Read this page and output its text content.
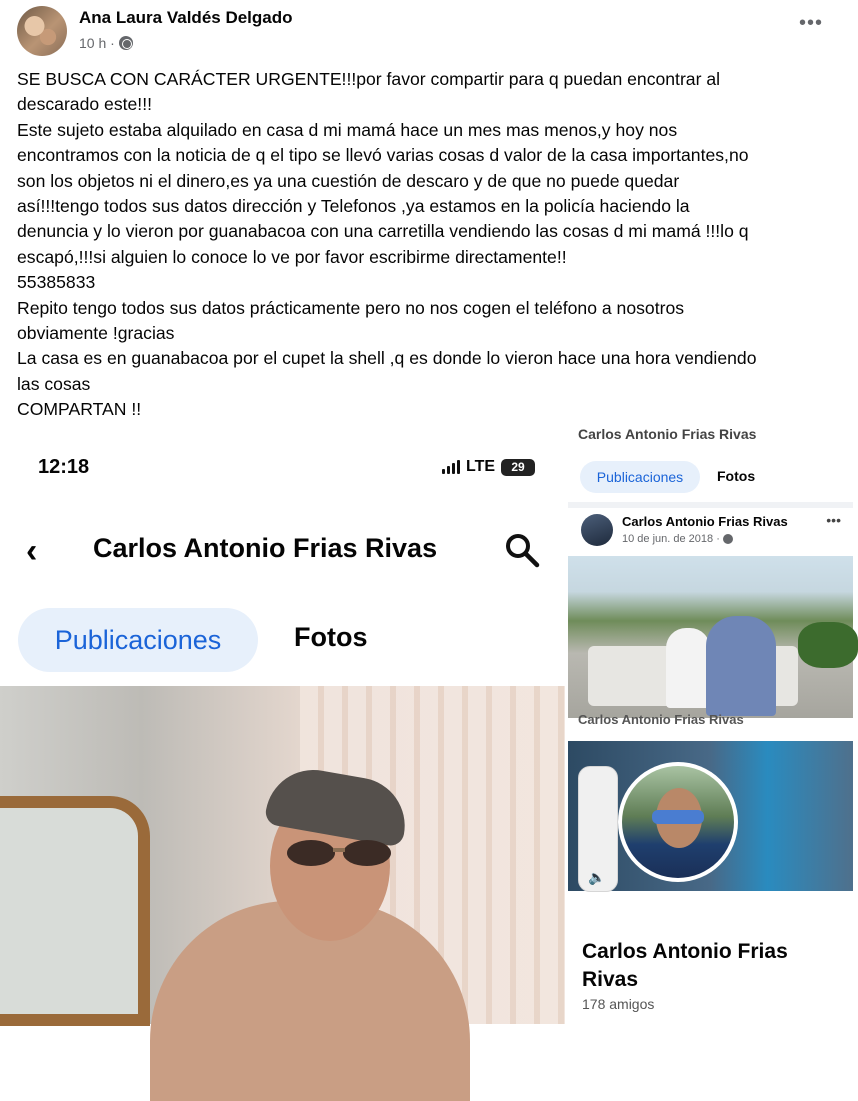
Ana Laura Valdés Delgado
10 h ·
•••

SE BUSCA CON CARÁCTER URGENTE!!!por favor compartir para q puedan encontrar al

descarado este!!!

Este sujeto estaba alquilado en casa d mi mamá hace un mes mas menos,y hoy nos

encontramos con la noticia de q el tipo se llevó varias cosas d valor de la casa importantes,no

son los objetos ni el dinero,es ya una cuestión de descaro y de que no puede quedar

así!!!tengo todos sus datos dirección y Telefonos ,ya estamos en la policía haciendo la

denuncia y lo vieron por guanabacoa con una carretilla vendiendo las cosas d mi mamá !!!lo q

escapó,!!!si alguien lo conoce lo ve por favor escribirme directamente!!

55385833

Repito tengo todos sus datos prácticamente pero no nos cogen el teléfono a nosotros

obviamente !gracias

La casa es en guanabacoa por el cupet la shell ,q es donde lo vieron hace una hora vendiendo

las cosas

COMPARTAN !!

12:18	LTE	29
‹ Carlos Antonio Frias Rivas
Publicaciones	Fotos
Carlos Antonio Frias Rivas
Publicaciones	Fotos
Carlos Antonio Frias Rivas
10 de jun. de 2018 ·
•••
Carlos Antonio Frias Rivas
🔈
Carlos Antonio Frias Rivas
178 amigos
